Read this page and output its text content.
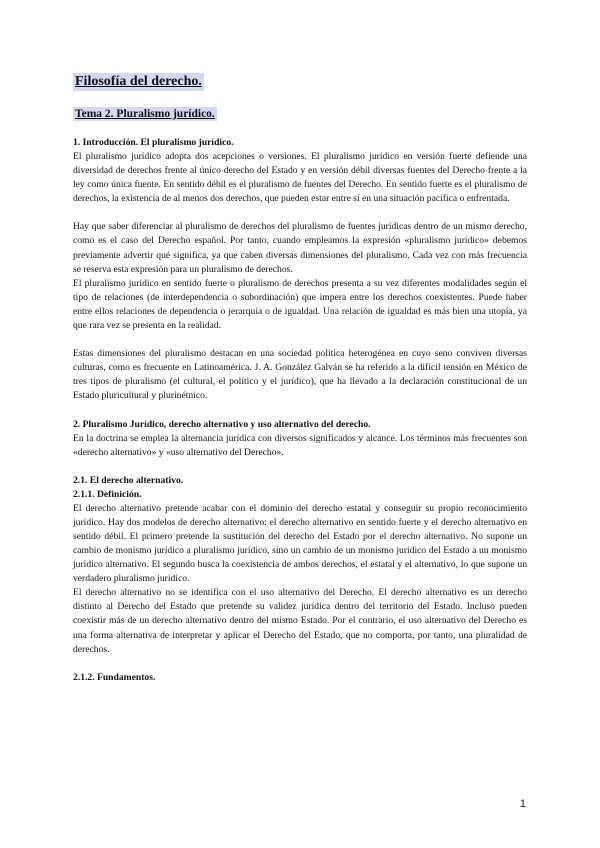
Filosofía del derecho.
Tema 2. Pluralismo jurídico.
1. Introducción. El pluralismo jurídico.

El pluralismo jurídico adopta dos acepciones o versiones. El pluralismo jurídico en versión fuerte defiende una diversidad de derechos frente al único derecho del Estado y en versión débil diversas fuentes del Derecho frente a la ley como única fuente. En sentido débil es el pluralismo de fuentes del Derecho. En sentido fuerte es el pluralismo de derechos, la existencia de al menos dos derechos, que pueden estar entre sí en una situación pacífica o enfrentada.

Hay que saber diferenciar al pluralismo de derechos del pluralismo de fuentes jurídicas dentro de un mismo derecho, como es el caso del Derecho español. Por tanto, cuando empleamos la expresión «pluralismo jurídico» debemos previamente advertir qué significa, ya que caben diversas dimensiones del pluralismo. Cada vez con más frecuencia se reserva esta expresión para un pluralismo de derechos.

El pluralismo jurídico en sentido fuerte o pluralismo de derechos presenta a su vez diferentes modalidades según el tipo de relaciones (de interdependencia o subordinación) que impera entre los derechos coexistentes. Puede haber entre ellos relaciones de dependencia o jerarquía o de igualdad. Una relación de igualdad es más bien una utopía, ya que rara vez se presenta en la realidad.

Estas dimensiones del pluralismo destacan en una sociedad política heterogénea en cuyo seno conviven diversas culturas, como es frecuente en Latinoamérica. J. A. González Galván se ha referido a la difícil tensión en México de tres tipos de pluralismo (el cultural, el político y el jurídico), que ha llevado a la declaración constitucional de un Estado pluricultural y plurinétnico.

2. Pluralismo Jurídico, derecho alternativo y uso alternativo del derecho.

En la doctrina se emplea la alternancia jurídica con diversos significados y alcance. Los términos más frecuentes son «derecho alternativo» y «uso alternativo del Derecho».

2.1. El derecho alternativo.
2.1.1. Definición.

El derecho alternativo pretende acabar con el dominio del derecho estatal y conseguir su propio reconocimiento jurídico. Hay dos modelos de derecho alternativo: el derecho alternativo en sentido fuerte y el derecho alternativo en sentido débil. El primero pretende la sustitución del derecho del Estado por el derecho alternativo. No supone un cambio de monismo jurídico a pluralismo jurídico, sino un cambio de un monismo jurídico del Estado a un monismo jurídico alternativo. El segundo busca la coexistencia de ambos derechos, el estatal y el alternativo, lo que supone un verdadero pluralismo jurídico.

El derecho alternativo no se identifica con el uso alternativo del Derecho. El derecho alternativo es un derecho distinto al Derecho del Estado que pretende su validez jurídica dentro del territorio del Estado. Incluso pueden coexistir más de un derecho alternativo dentro del mismo Estado. Por el contrario, el uso alternativo del Derecho es una forma alternativa de interpretar y aplicar el Derecho del Estado, que no comporta, por tanto, una pluralidad de derechos.

2.1.2. Fundamentos.
1
